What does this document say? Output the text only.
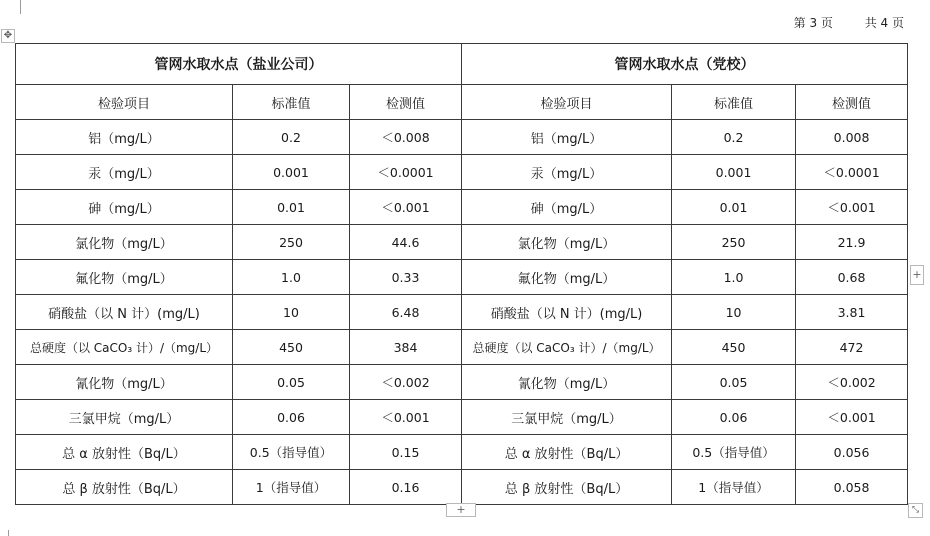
第 3 页	共 4 页
✥
管网水取水点（盐业公司）			管网水取水点（党校）		
检验项目	标准值	检测值	检验项目	标准值	检测值
铝（mg/L）	0.2	＜0.008	铝（mg/L）	0.2	0.008
汞（mg/L）	0.001	＜0.0001	汞（mg/L）	0.001	＜0.0001
砷（mg/L）	0.01	＜0.001	砷（mg/L）	0.01	＜0.001
氯化物（mg/L）	250	44.6	氯化物（mg/L）	250	21.9
氟化物（mg/L）	1.0	0.33	氟化物（mg/L）	1.0	0.68
硝酸盐（以 N 计）(mg/L)	10	6.48	硝酸盐（以 N 计）(mg/L)	10	3.81
总硬度（以 CaCO₃ 计）/（mg/L）	450	384	总硬度（以 CaCO₃ 计）/（mg/L）	450	472
氰化物（mg/L）	0.05	＜0.002	氰化物（mg/L）	0.05	＜0.002
三氯甲烷（mg/L）	0.06	＜0.001	三氯甲烷（mg/L）	0.06	＜0.001
总 α 放射性（Bq/L）	0.5（指导值）	0.15	总 α 放射性（Bq/L）	0.5（指导值）	0.056
总 β 放射性（Bq/L）	1（指导值）	0.16	总 β 放射性（Bq/L）	1（指导值）	0.058
+
+	⤡
